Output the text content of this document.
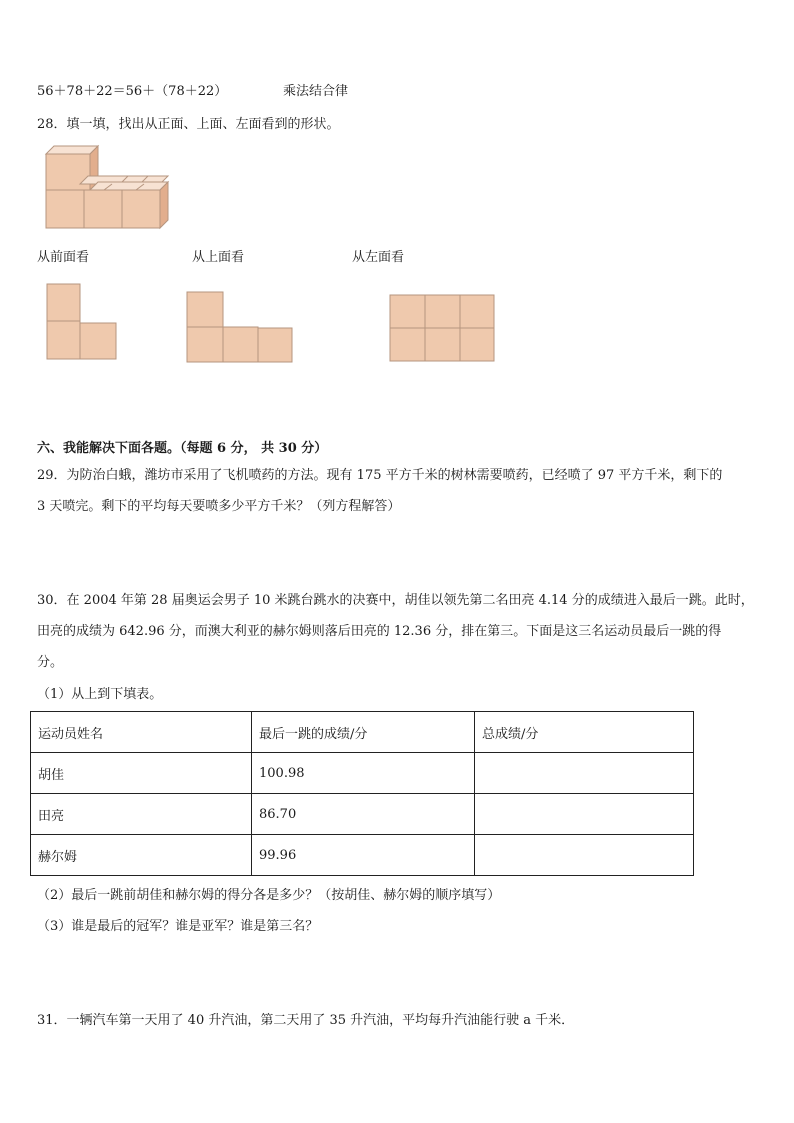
56＋78＋22＝56＋（78＋22）	乘法结合律
28．填一填，找出从正面、上面、左面看到的形状。
从前面看	从上面看	从左面看
六、我能解决下面各题。（每题 6 分， 共 30 分）
29．为防治白蛾，潍坊市采用了飞机喷药的方法。现有 175 平方千米的树林需要喷药，已经喷了 97 平方千米，剩下的
3 天喷完。剩下的平均每天要喷多少平方千米？（列方程解答）
30．在 2004 年第 28 届奥运会男子 10 米跳台跳水的决赛中，胡佳以领先第二名田亮 4.14 分的成绩进入最后一跳。此时，
田亮的成绩为 642.96 分，而澳大利亚的赫尔姆则落后田亮的 12.36 分，排在第三。下面是这三名运动员最后一跳的得
分。
（1）从上到下填表。
运动员姓名	最后一跳的成绩/分	总成绩/分
胡佳	100.98	
田亮	86.70	
赫尔姆	99.96	
（2）最后一跳前胡佳和赫尔姆的得分各是多少？（按胡佳、赫尔姆的顺序填写）
（3）谁是最后的冠军？谁是亚军？谁是第三名？
31．一辆汽车第一天用了 40 升汽油，第二天用了 35 升汽油，平均每升汽油能行驶 a 千米．
